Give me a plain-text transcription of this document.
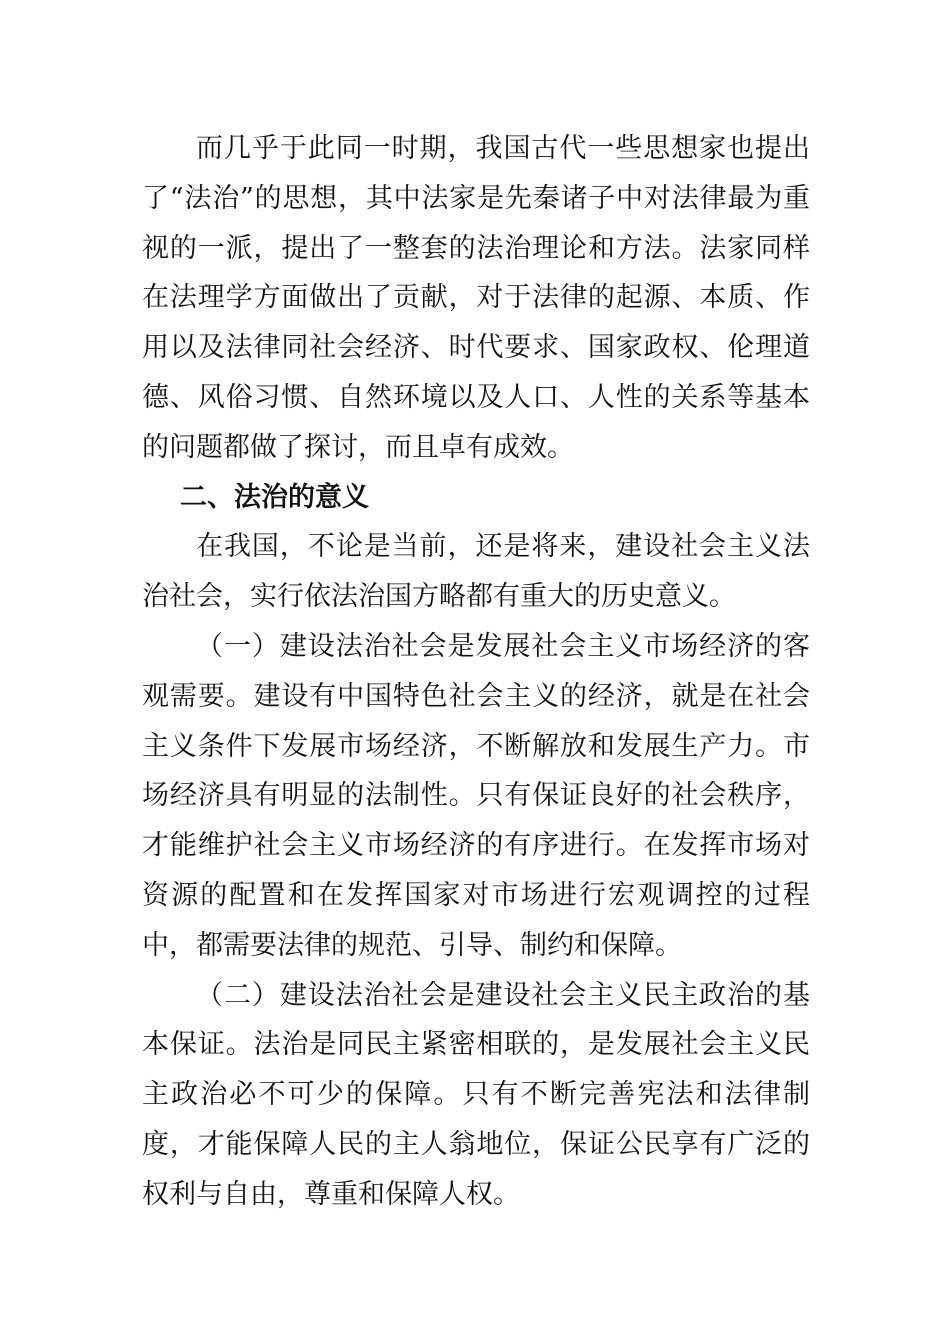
而几乎于此同一时期，我国古代一些思想家也提出了“法治”的思想，其中法家是先秦诸子中对法律最为重视的一派，提出了一整套的法治理论和方法。法家同样在法理学方面做出了贡献，对于法律的起源、本质、作用以及法律同社会经济、时代要求、国家政权、伦理道德、风俗习惯、自然环境以及人口、人性的关系等基本的问题都做了探讨，而且卓有成效。

二、法治的意义

在我国，不论是当前，还是将来，建设社会主义法治社会，实行依法治国方略都有重大的历史意义。

（一）建设法治社会是发展社会主义市场经济的客观需要。建设有中国特色社会主义的经济，就是在社会主义条件下发展市场经济，不断解放和发展生产力。市场经济具有明显的法制性。只有保证良好的社会秩序，才能维护社会主义市场经济的有序进行。在发挥市场对资源的配置和在发挥国家对市场进行宏观调控的过程中，都需要法律的规范、引导、制约和保障。

（二）建设法治社会是建设社会主义民主政治的基本保证。法治是同民主紧密相联的，是发展社会主义民主政治必不可少的保障。只有不断完善宪法和法律制度，才能保障人民的主人翁地位，保证公民享有广泛的权利与自由，尊重和保障人权。
